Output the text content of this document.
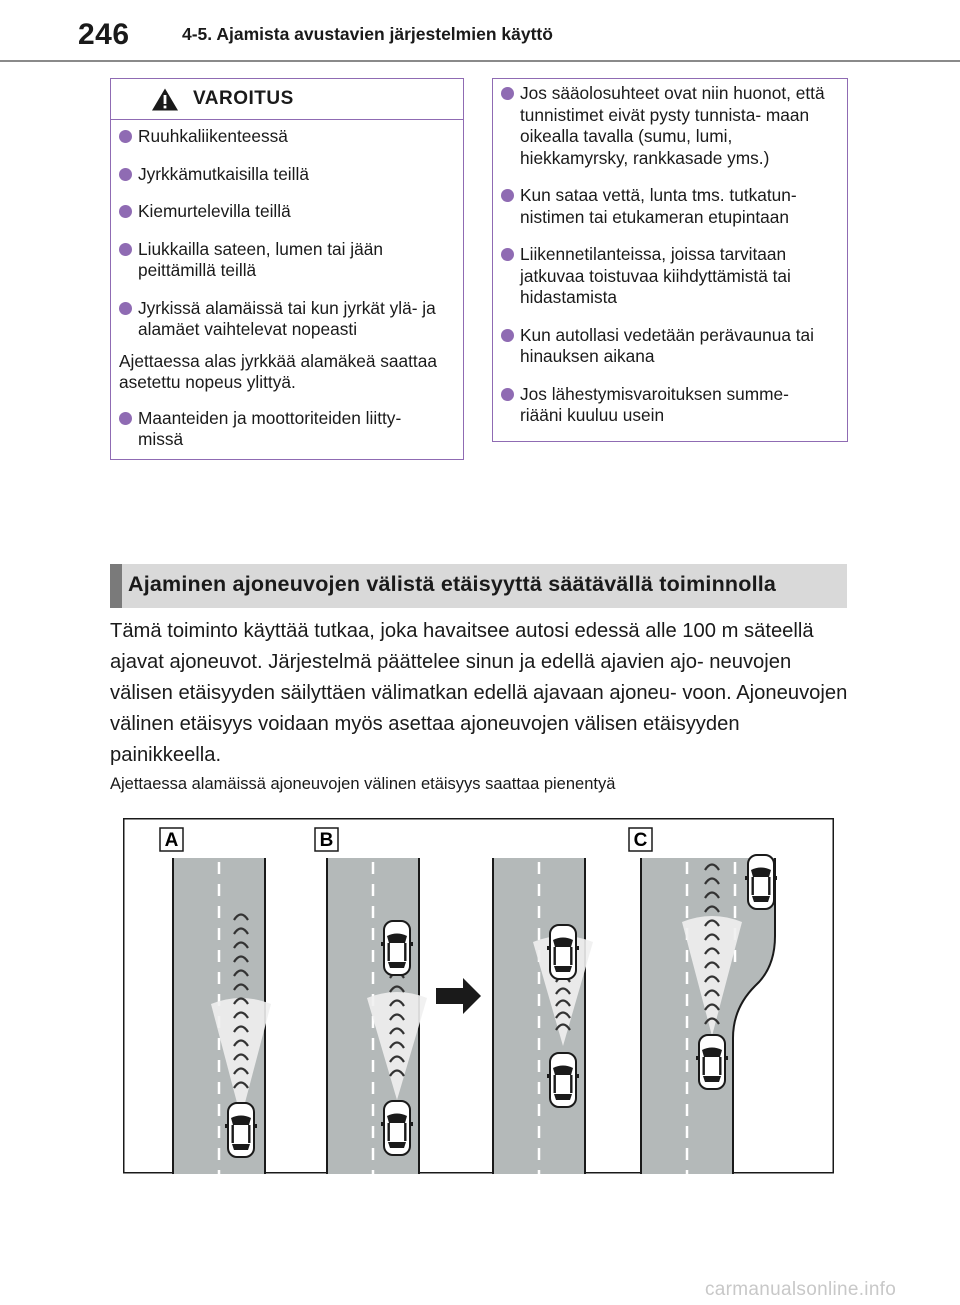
246	4-5. Ajamista avustavien järjestelmien käyttö
VAROITUS
Ruuhkaliikenteessä
Jyrkkämutkaisilla teillä
Kiemurtelevilla teillä
Liukkailla sateen, lumen tai jään peittämillä teillä
Jyrkissä alamäissä tai kun jyrkät ylä- ja alamäet vaihtelevat nopeasti
Ajettaessa alas jyrkkää alamäkeä saattaa asetettu nopeus ylittyä.
Maanteiden ja moottoriteiden liitty- missä
Jos sääolosuhteet ovat niin huonot, että tunnistimet eivät pysty tunnista- maan oikealla tavalla (sumu, lumi, hiekkamyrsky, rankkasade yms.)
Kun sataa vettä, lunta tms. tutkatun- nistimen tai etukameran etupintaan
Liikennetilanteissa, joissa tarvitaan jatkuvaa toistuvaa kiihdyttämistä tai hidastamista
Kun autollasi vedetään perävaunua tai hinauksen aikana
Jos lähestymisvaroituksen summe- riääni kuuluu usein
Ajaminen ajoneuvojen välistä etäisyyttä säätävällä toiminnolla

Tämä toiminto käyttää tutkaa, joka havaitsee autosi edessä alle 100 m säteellä ajavat ajoneuvot. Järjestelmä päättelee sinun ja edellä ajavien ajo- neuvojen välisen etäisyyden säilyttäen välimatkan edellä ajavaan ajoneu- voon. Ajoneuvojen välinen etäisyys voidaan myös asettaa ajoneuvojen välisen etäisyyden painikkeella.

Ajettaessa alamäissä ajoneuvojen välinen etäisyys saattaa pienentyä

A	B	C
carmanualsonline.info
